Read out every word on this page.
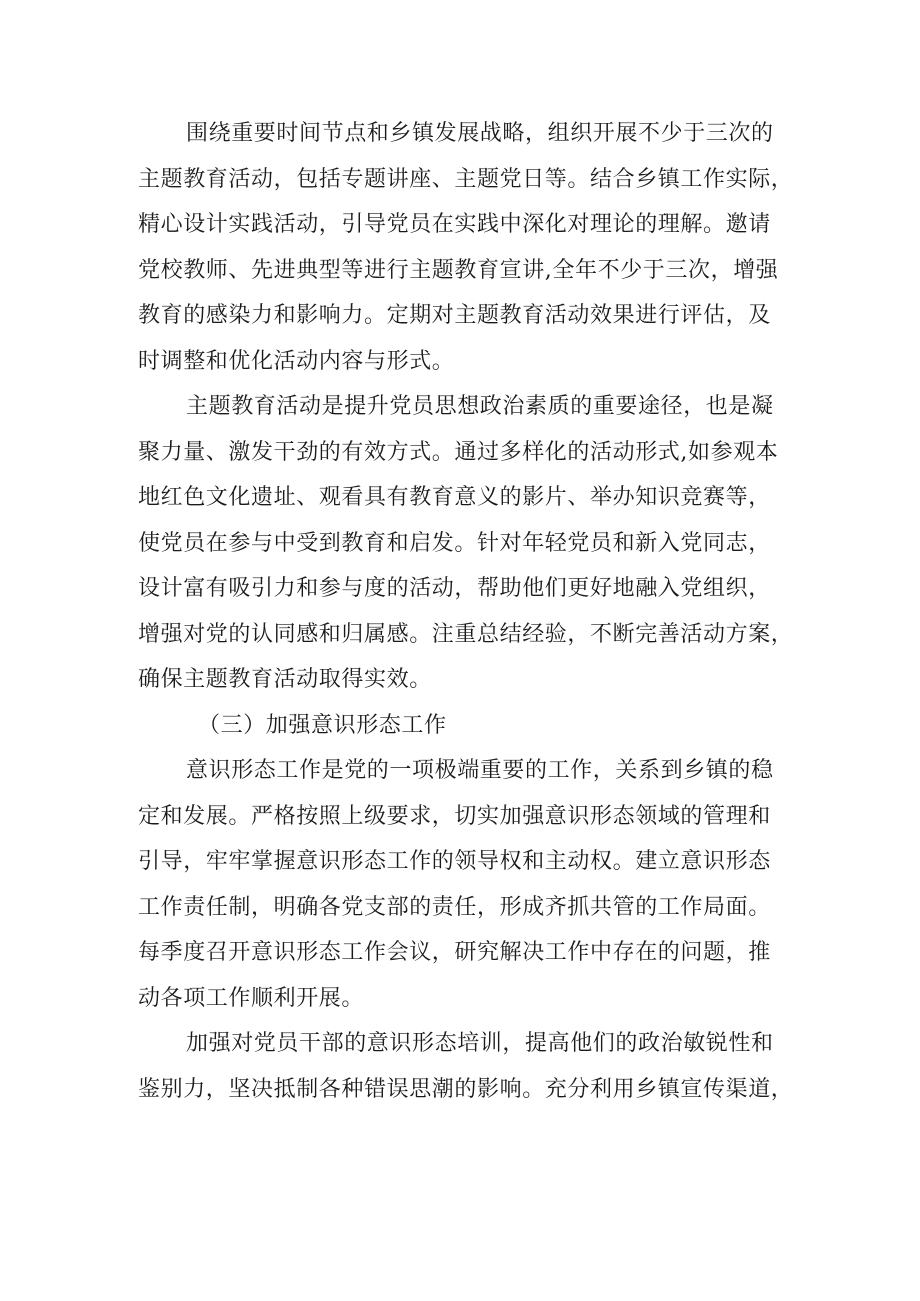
围绕重要时间节点和乡镇发展战略，组织开展不少于三次的
主题教育活动，包括专题讲座、主题党日等。结合乡镇工作实际，
精心设计实践活动，引导党员在实践中深化对理论的理解。邀请
党校教师、先进典型等进行主题教育宣讲,全年不少于三次，增强
教育的感染力和影响力。定期对主题教育活动效果进行评估，及
时调整和优化活动内容与形式。
主题教育活动是提升党员思想政治素质的重要途径，也是凝
聚力量、激发干劲的有效方式。通过多样化的活动形式,如参观本
地红色文化遗址、观看具有教育意义的影片、举办知识竞赛等，
使党员在参与中受到教育和启发。针对年轻党员和新入党同志，
设计富有吸引力和参与度的活动，帮助他们更好地融入党组织，
增强对党的认同感和归属感。注重总结经验，不断完善活动方案，
确保主题教育活动取得实效。
（三）加强意识形态工作
意识形态工作是党的一项极端重要的工作，关系到乡镇的稳
定和发展。严格按照上级要求，切实加强意识形态领域的管理和
引导，牢牢掌握意识形态工作的领导权和主动权。建立意识形态
工作责任制，明确各党支部的责任，形成齐抓共管的工作局面。
每季度召开意识形态工作会议，研究解决工作中存在的问题，推
动各项工作顺利开展。
加强对党员干部的意识形态培训，提高他们的政治敏锐性和
鉴别力，坚决抵制各种错误思潮的影响。充分利用乡镇宣传渠道，
